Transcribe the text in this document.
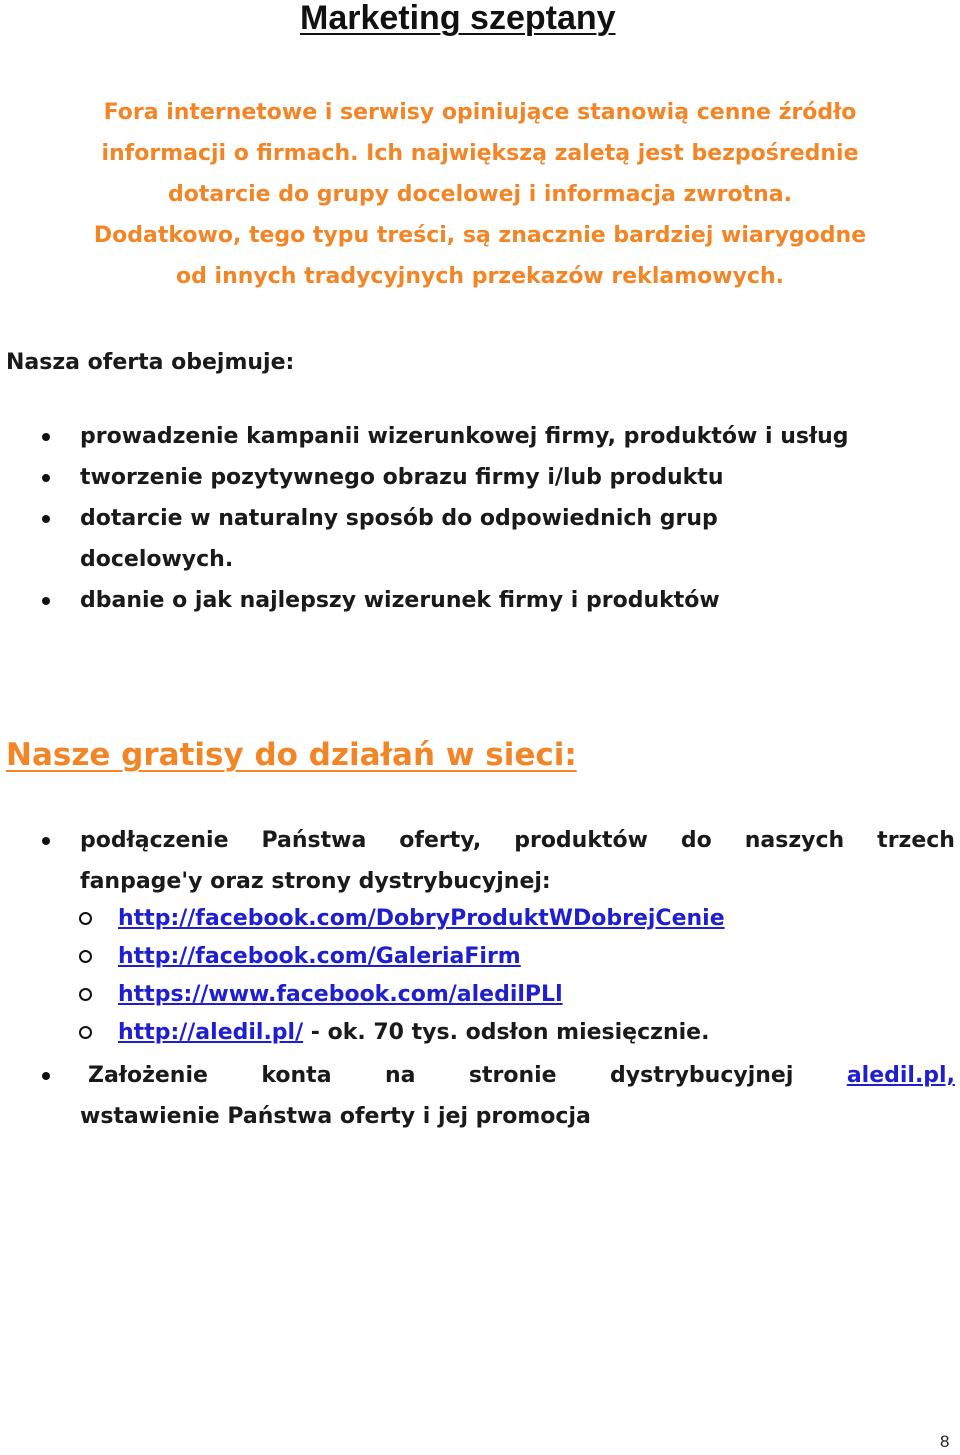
Marketing szeptany
Fora internetowe i serwisy opiniujące stanowią cenne źródło
informacji o firmach. Ich największą zaletą jest bezpośrednie
dotarcie do grupy docelowej i informacja zwrotna.
Dodatkowo, tego typu treści, są znacznie bardziej wiarygodne
od innych tradycyjnych przekazów reklamowych.
Nasza oferta obejmuje:
prowadzenie kampanii wizerunkowej firmy, produktów i usług
tworzenie pozytywnego obrazu firmy i/lub produktu
dotarcie w naturalny sposób do odpowiednich grup
docelowych.
dbanie o jak najlepszy wizerunek firmy i produktów
Nasze gratisy do działań w sieci:
podłączenie Państwa oferty, produktów do naszych trzech
fanpage'y oraz strony dystrybucyjnej:
http://facebook.com/DobryProduktWDobrejCenie
http://facebook.com/GaleriaFirm
https://www.facebook.com/aledilPLl
http://aledil.pl/ - ok. 70 tys. odsłon miesięcznie.
Założenie konta na stronie dystrybucyjnej aledil.pl,
wstawienie Państwa oferty i jej promocja
8
